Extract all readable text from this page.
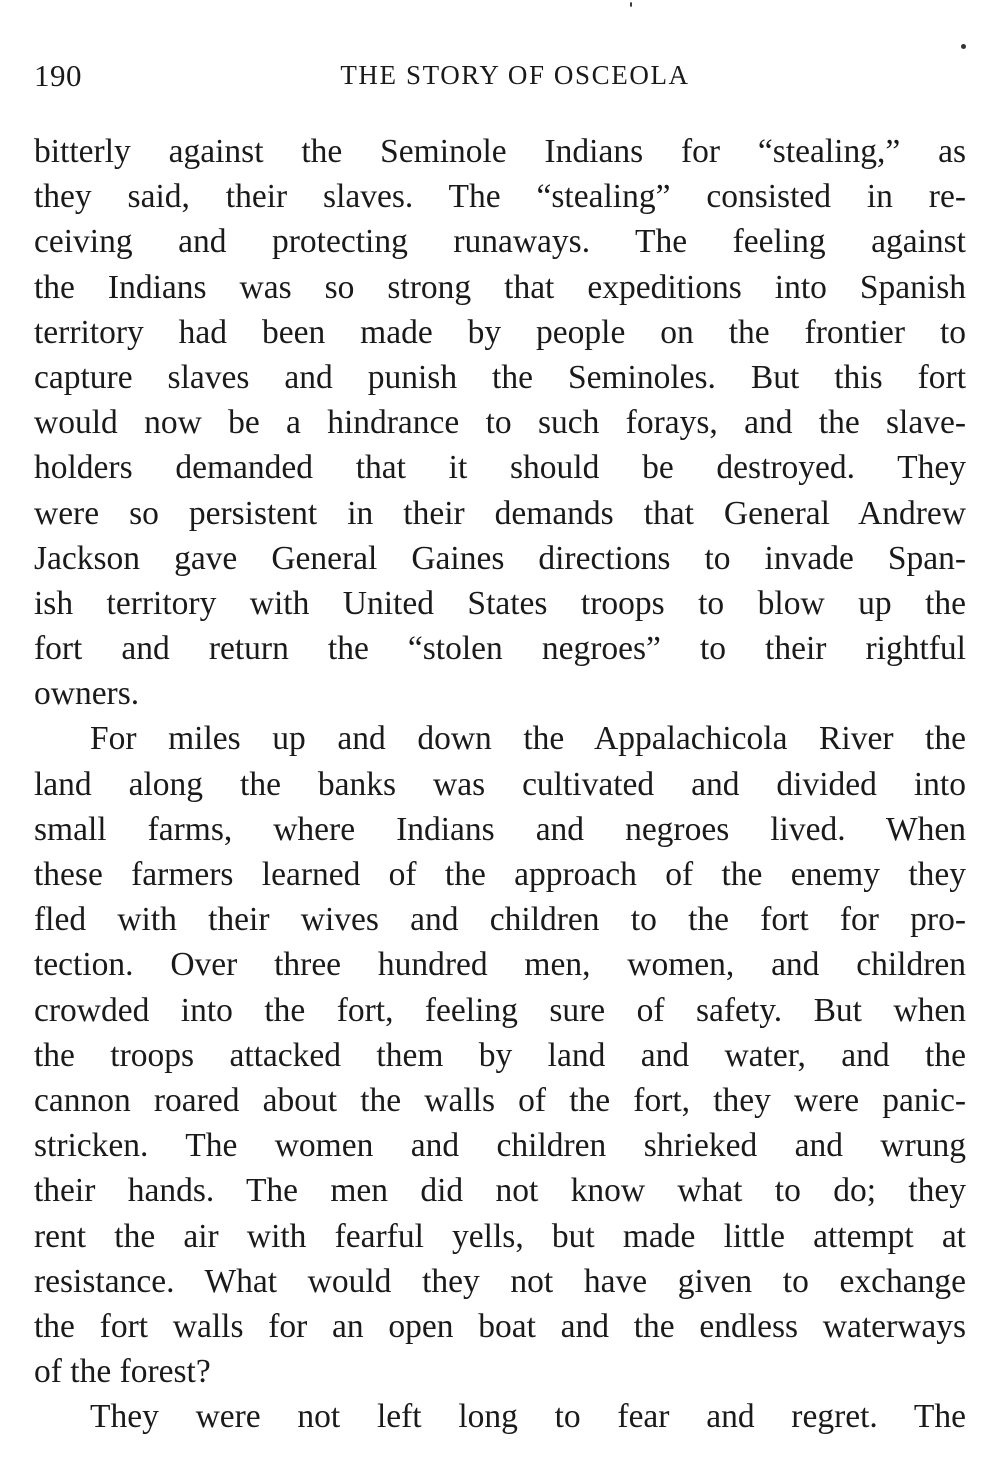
190	THE STORY OF OSCEOLA
bitterly against the Seminole Indians for “stealing,” as
they said, their slaves. The “stealing” consisted in re-
ceiving and protecting runaways. The feeling against
the Indians was so strong that expeditions into Spanish
territory had been made by people on the frontier to
capture slaves and punish the Seminoles. But this fort
would now be a hindrance to such forays, and the slave-
holders demanded that it should be destroyed. They
were so persistent in their demands that General Andrew
Jackson gave General Gaines directions to invade Span-
ish territory with United States troops to blow up the
fort and return the “stolen negroes” to their rightful
owners.
For miles up and down the Appalachicola River the
land along the banks was cultivated and divided into
small farms, where Indians and negroes lived. When
these farmers learned of the approach of the enemy they
fled with their wives and children to the fort for pro-
tection. Over three hundred men, women, and children
crowded into the fort, feeling sure of safety. But when
the troops attacked them by land and water, and the
cannon roared about the walls of the fort, they were panic-
stricken. The women and children shrieked and wrung
their hands. The men did not know what to do; they
rent the air with fearful yells, but made little attempt at
resistance. What would they not have given to exchange
the fort walls for an open boat and the endless waterways
of the forest?
They were not left long to fear and regret. The
